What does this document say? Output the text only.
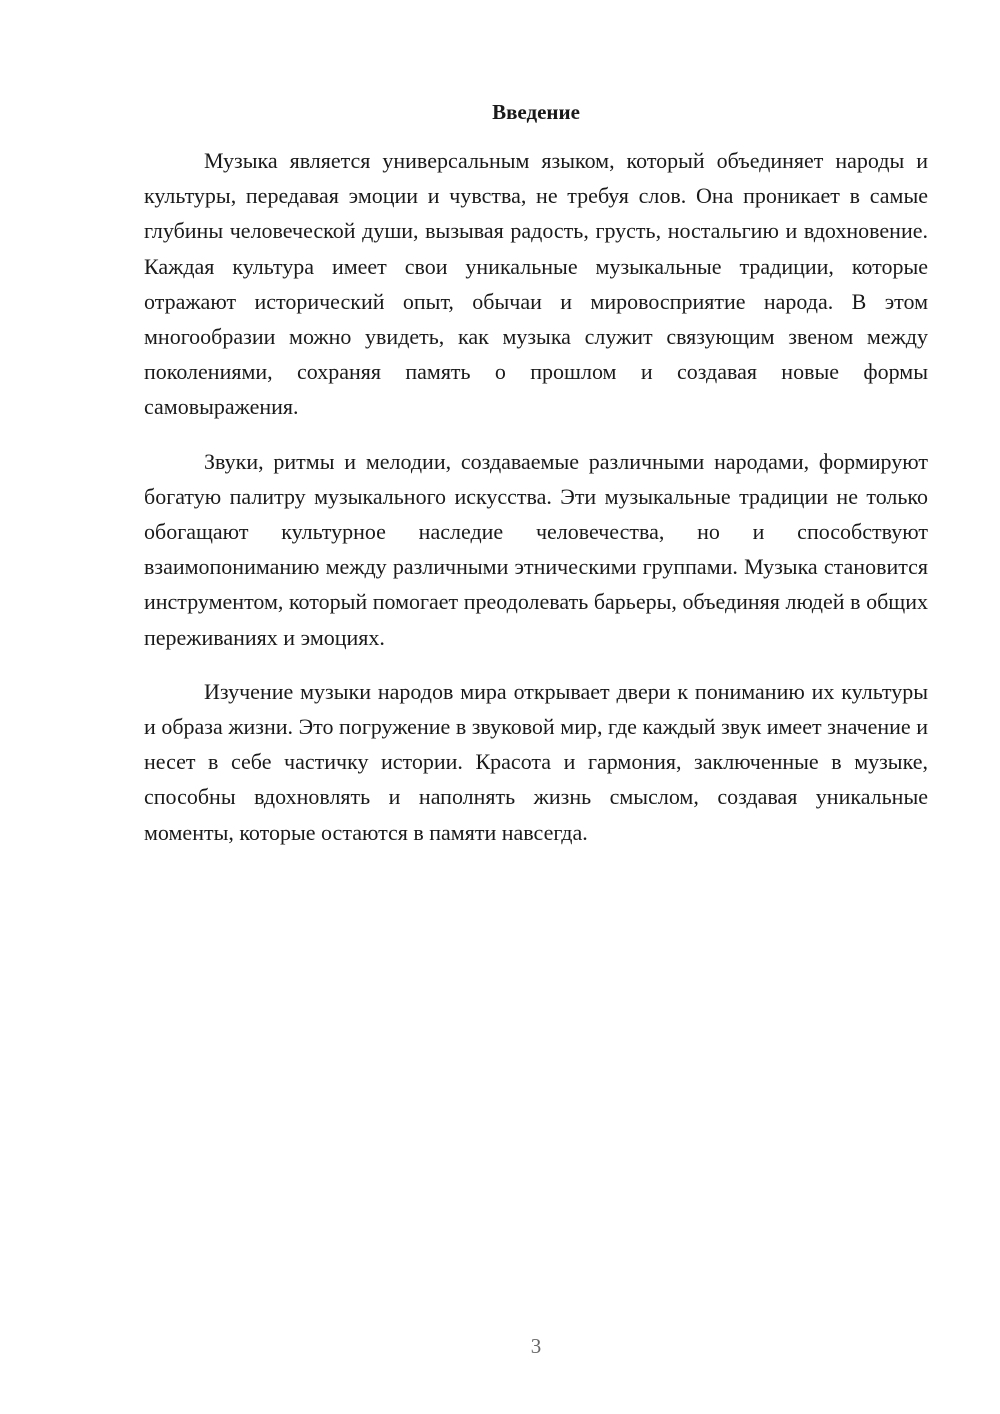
Введение

Музыка является универсальным языком, который объединяет народы и культуры, передавая эмоции и чувства, не требуя слов. Она проникает в самые глубины человеческой души, вызывая радость, грусть, ностальгию и вдохновение. Каждая культура имеет свои уникальные музыкальные традиции, которые отражают исторический опыт, обычаи и мировосприятие народа. В этом многообразии можно увидеть, как музыка служит связующим звеном между поколениями, сохраняя память о прошлом и создавая новые формы самовыражения.

Звуки, ритмы и мелодии, создаваемые различными народами, формируют богатую палитру музыкального искусства. Эти музыкальные традиции не только обогащают культурное наследие человечества, но и способствуют взаимопониманию между различными этническими группами. Музыка становится инструментом, который помогает преодолевать барьеры, объединяя людей в общих переживаниях и эмоциях.

Изучение музыки народов мира открывает двери к пониманию их культуры и образа жизни. Это погружение в звуковой мир, где каждый звук имеет значение и несет в себе частичку истории. Красота и гармония, заключенные в музыке, способны вдохновлять и наполнять жизнь смыслом, создавая уникальные моменты, которые остаются в памяти навсегда.

3
